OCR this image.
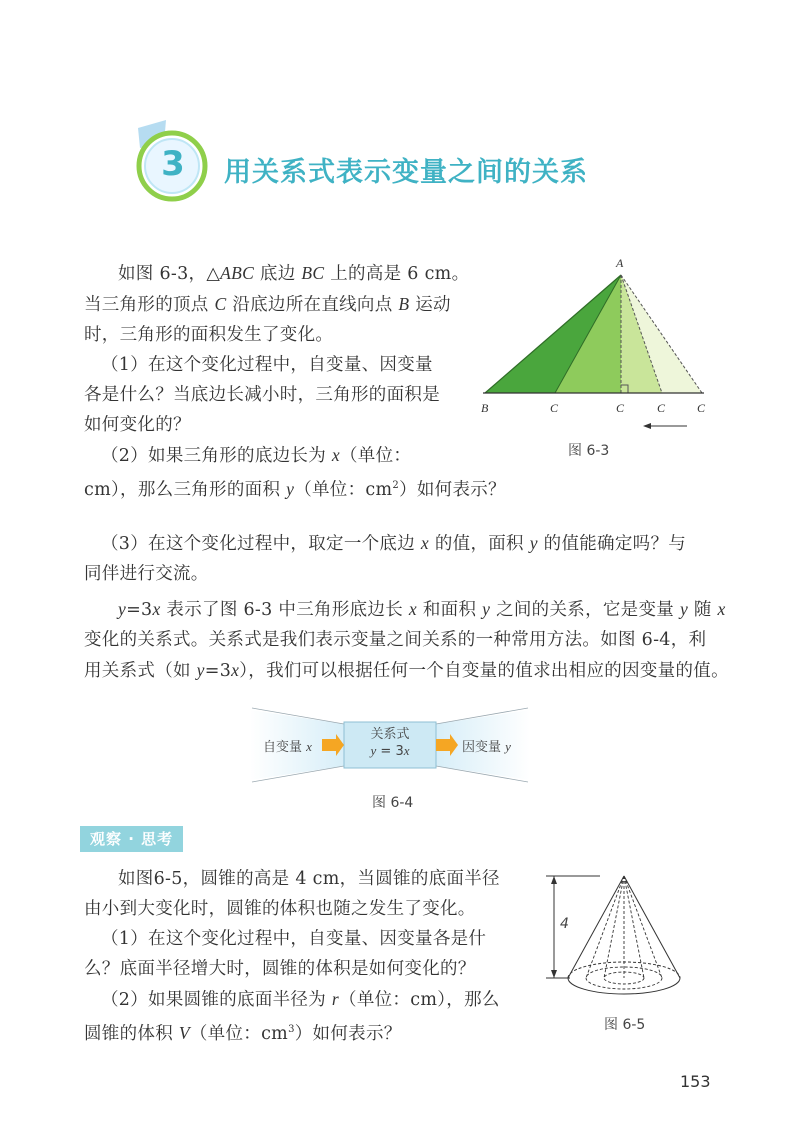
3 用关系式表示变量之间的关系

如图 6-3，△ABC 底边 BC 上的高是 6 cm。

当三角形的顶点 C 沿底边所在直线向点 B 运动

时，三角形的面积发生了变化。

（1）在这个变化过程中，自变量、因变量

各是什么？当底边长减小时，三角形的面积是

如何变化的？

（2）如果三角形的底边长为 x（单位：

cm），那么三角形的面积 y（单位：$cm^2$）如何表示？

（3）在这个变化过程中，取定一个底边 x 的值，面积 y 的值能确定吗？与

同伴进行交流。

A
B	C	C	C	C
图 6-3

y=3x 表示了图 6-3 中三角形底边长 x 和面积 y 之间的关系，它是变量 y 随 x

变化的关系式。关系式是我们表示变量之间关系的一种常用方法。如图 6-4，利

用关系式（如 y=3x），我们可以根据任何一个自变量的值求出相应的因变量的值。

自变量 x
关系式
y = 3x	因变量 y
图 6-4
观察 · 思考

如图6-5，圆锥的高是 4 cm，当圆锥的底面半径

由小到大变化时，圆锥的体积也随之发生了变化。

（1）在这个变化过程中，自变量、因变量各是什

么？底面半径增大时，圆锥的体积是如何变化的？

（2）如果圆锥的底面半径为 r（单位：cm），那么

圆锥的体积 V（单位：$cm^3$）如何表示？

4
图 6-5
153
